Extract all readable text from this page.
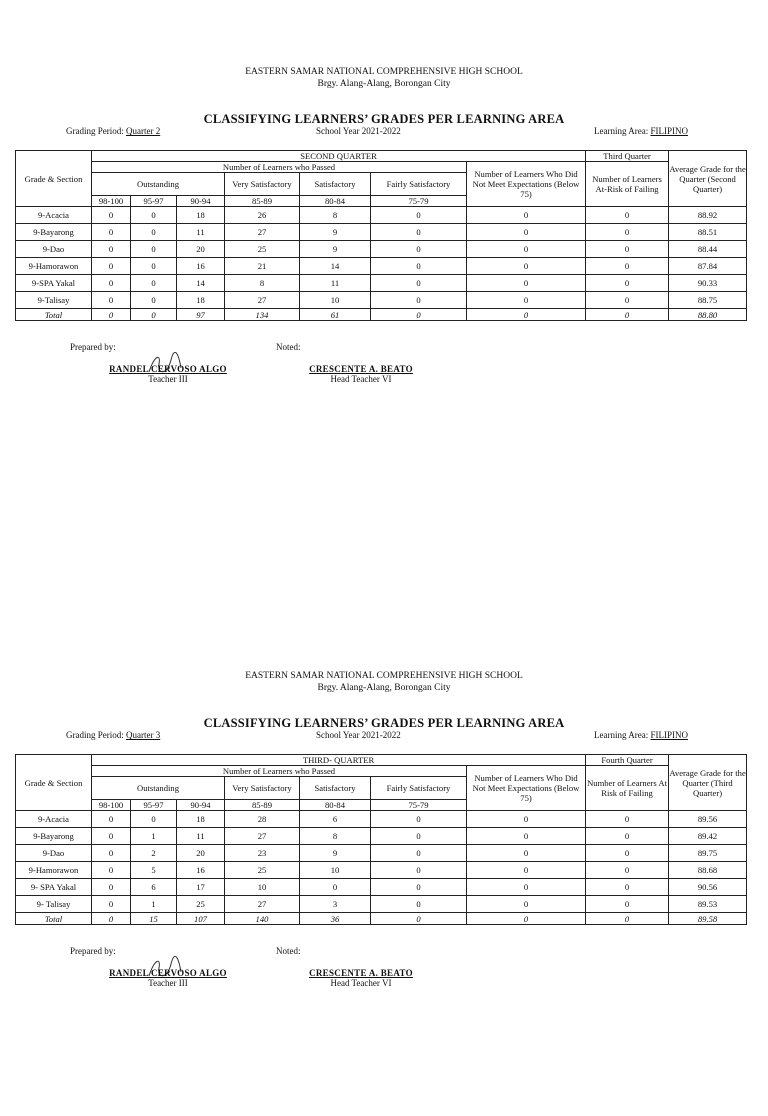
EASTERN SAMAR NATIONAL COMPREHENSIVE HIGH SCHOOL
Brgy. Alang-Alang, Borongan City
CLASSIFYING LEARNERS’ GRADES PER LEARNING AREA
Grading Period: Quarter 2	School Year 2021-2022	Learning Area: FILIPINO
Grade & Section	SECOND QUARTER							Third Quarter	Average Grade for the Quarter (Second Quarter)
	Number of Learners who Passed						Number of Learners Who Did Not Meet Expectations (Below 75)	Number of Learners At-Risk of Failing	
	Outstanding			Very Satisfactory	Satisfactory	Fairly Satisfactory			
	98-100	95-97	90-94	85-89	80-84	75-79			
9-Acacia	0	0	18	26	8	0	0	0	88.92
9-Bayarong	0	0	11	27	9	0	0	0	88.51
9-Dao	0	0	20	25	9	0	0	0	88.44
9-Hamorawon	0	0	16	21	14	0	0	0	87.84
9-SPA Yakal	0	0	14	8	11	0	0	0	90.33
9-Talisay	0	0	18	27	10	0	0	0	88.75
Total	0	0	97	134	61	0	0	0	88.80
Prepared by:	Noted:
RANDEL CERVOSO ALGO
Teacher III
CRESCENTE A. BEATO
Head Teacher VI
EASTERN SAMAR NATIONAL COMPREHENSIVE HIGH SCHOOL
Brgy. Alang-Alang, Borongan City
CLASSIFYING LEARNERS’ GRADES PER LEARNING AREA
Grading Period: Quarter 3	School Year 2021-2022	Learning Area: FILIPINO
Grade & Section	THIRD- QUARTER							Fourth Quarter	Average Grade for the Quarter (Third Quarter)
	Number of Learners who Passed						Number of Learners Who Did Not Meet Expectations (Below 75)	Number of Learners At Risk of Failing	
	Outstanding			Very Satisfactory	Satisfactory	Fairly Satisfactory			
	98-100	95-97	90-94	85-89	80-84	75-79			
9-Acacia	0	0	18	28	6	0	0	0	89.56
9-Bayarong	0	1	11	27	8	0	0	0	89.42
9-Dao	0	2	20	23	9	0	0	0	89.75
9-Hamorawon	0	5	16	25	10	0	0	0	88.68
9- SPA Yakal	0	6	17	10	0	0	0	0	90.56
9- Talisay	0	1	25	27	3	0	0	0	89.53
Total	0	15	107	140	36	0	0	0	89.58
Prepared by:	Noted:
RANDEL CERVOSO ALGO
Teacher III
CRESCENTE A. BEATO
Head Teacher VI
